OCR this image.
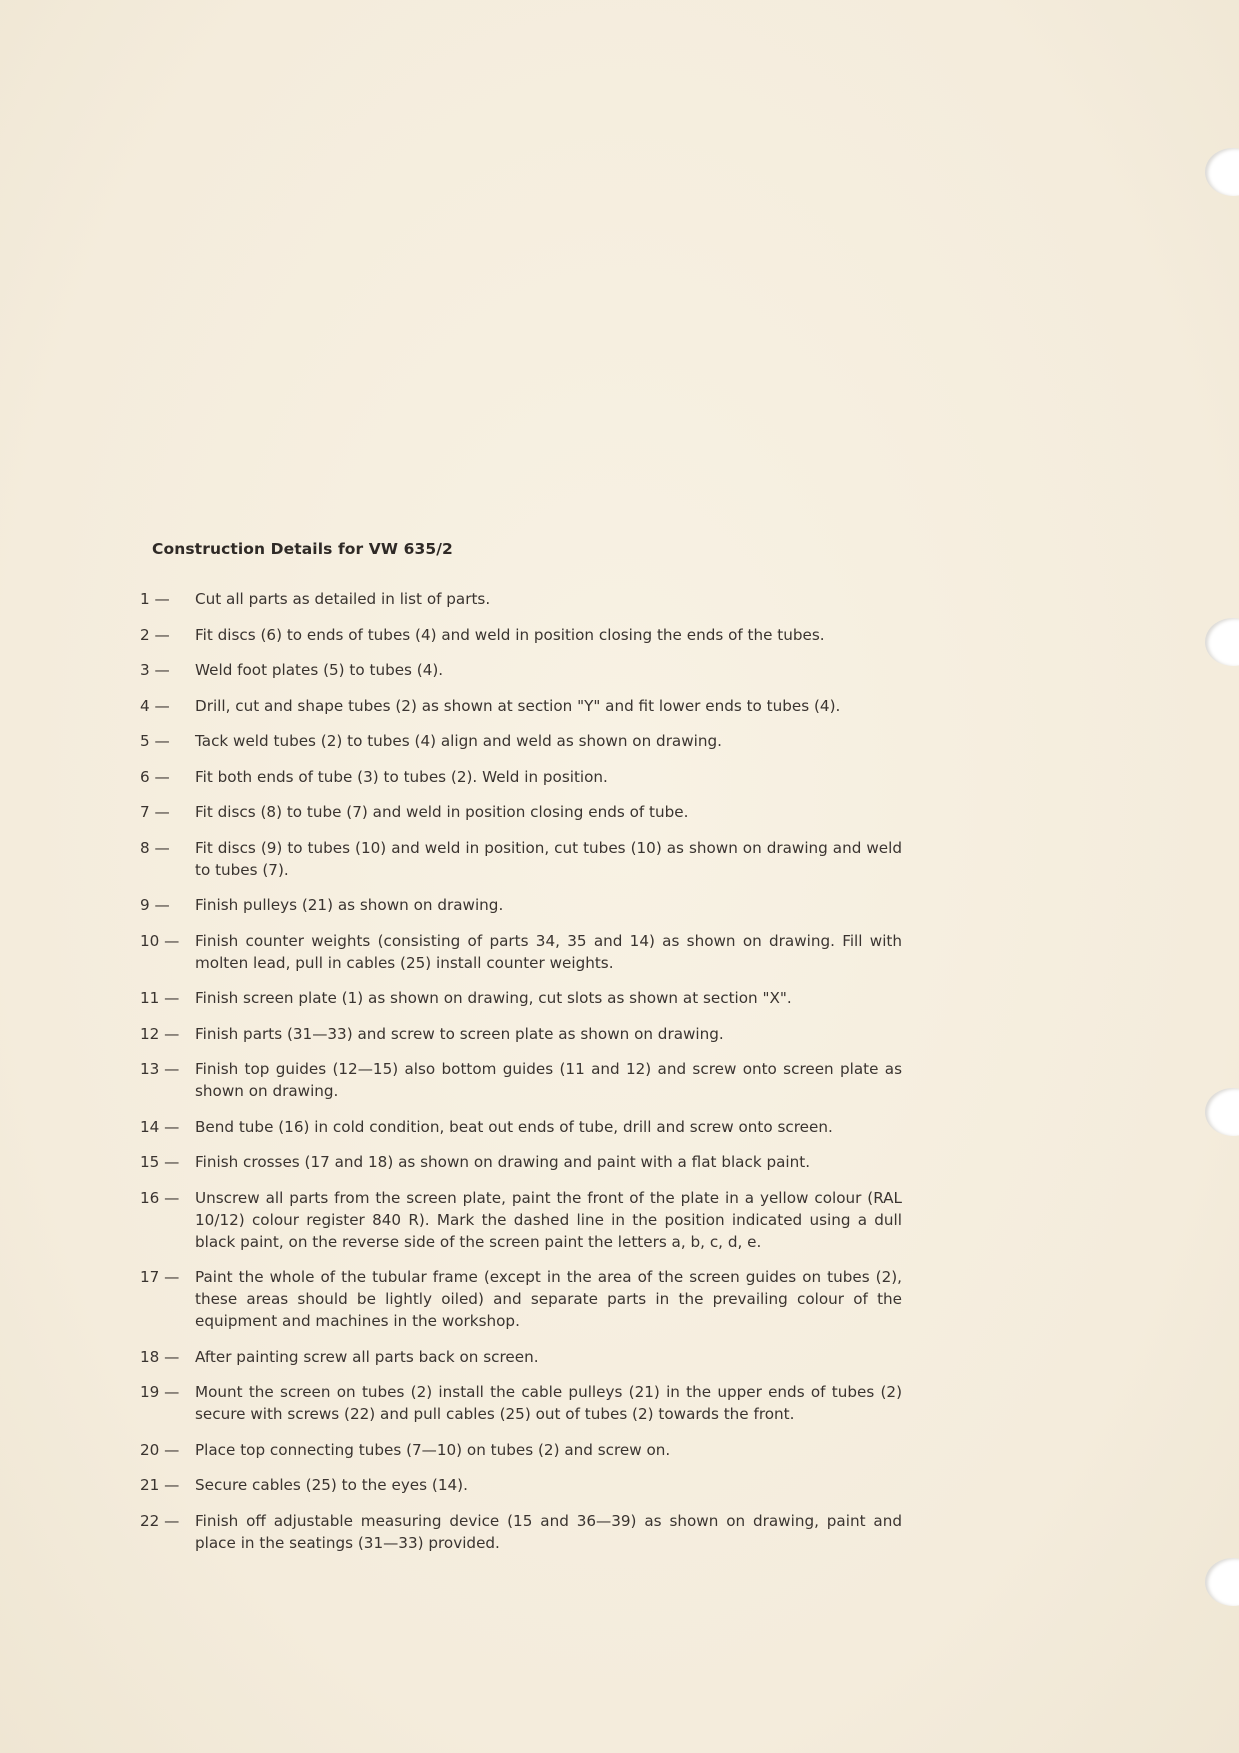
Construction Details for VW 635/2
1 —	Cut all parts as detailed in list of parts.
2 —	Fit discs (6) to ends of tubes (4) and weld in position closing the ends of the tubes.
3 —	Weld foot plates (5) to tubes (4).
4 —	Drill, cut and shape tubes (2) as shown at section "Y" and fit lower ends to tubes (4).
5 —	Tack weld tubes (2) to tubes (4) align and weld as shown on drawing.
6 —	Fit both ends of tube (3) to tubes (2). Weld in position.
7 —	Fit discs (8) to tube (7) and weld in position closing ends of tube.
8 —	Fit discs (9) to tubes (10) and weld in position, cut tubes (10) as shown on drawing and weld to tubes (7).
9 —	Finish pulleys (21) as shown on drawing.
10 —	Finish counter weights (consisting of parts 34, 35 and 14) as shown on drawing. Fill with molten lead, pull in cables (25) install counter weights.
11 —	Finish screen plate (1) as shown on drawing, cut slots as shown at section "X".
12 —	Finish parts (31—33) and screw to screen plate as shown on drawing.
13 —	Finish top guides (12—15) also bottom guides (11 and 12) and screw onto screen plate as shown on drawing.
14 —	Bend tube (16) in cold condition, beat out ends of tube, drill and screw onto screen.
15 —	Finish crosses (17 and 18) as shown on drawing and paint with a flat black paint.
16 —	Unscrew all parts from the screen plate, paint the front of the plate in a yellow colour (RAL 10/12) colour register 840 R). Mark the dashed line in the position indicated using a dull black paint, on the reverse side of the screen paint the letters a, b, c, d, e.
17 —	Paint the whole of the tubular frame (except in the area of the screen guides on tubes (2), these areas should be lightly oiled) and separate parts in the prevailing colour of the equipment and machines in the workshop.
18 —	After painting screw all parts back on screen.
19 —	Mount the screen on tubes (2) install the cable pulleys (21) in the upper ends of tubes (2) secure with screws (22) and pull cables (25) out of tubes (2) towards the front.
20 —	Place top connecting tubes (7—10) on tubes (2) and screw on.
21 —	Secure cables (25) to the eyes (14).
22 —	Finish off adjustable measuring device (15 and 36—39) as shown on drawing, paint and place in the seatings (31—33) provided.
